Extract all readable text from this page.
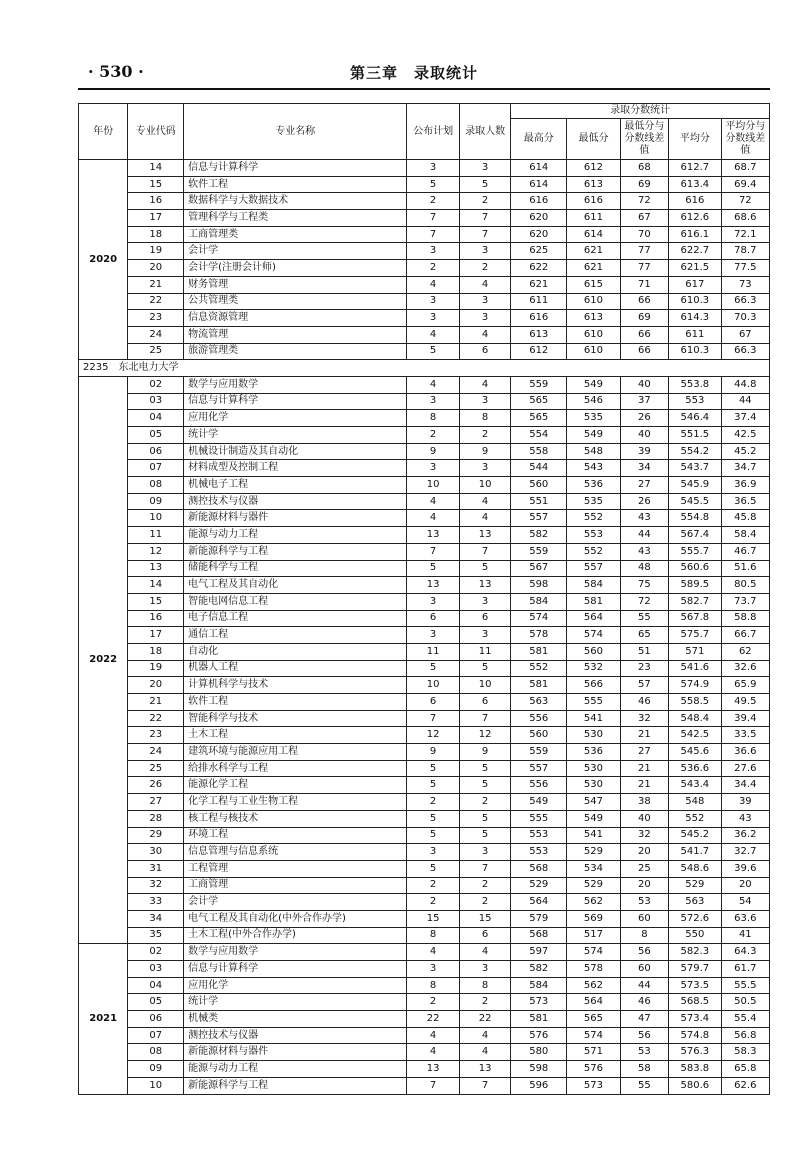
· 530 ·	第三章　录取统计
年份	专业代码	专业名称	公布计划	录取人数	录取分数统计				
					最高分	最低分	最低分与分数线差值	平均分	平均分与分数线差值
2020	14	信息与计算科学	3	3	614	612	68	612.7	68.7
	15	软件工程	5	5	614	613	69	613.4	69.4
	16	数据科学与大数据技术	2	2	616	616	72	616	72
	17	管理科学与工程类	7	7	620	611	67	612.6	68.6
	18	工商管理类	7	7	620	614	70	616.1	72.1
	19	会计学	3	3	625	621	77	622.7	78.7
	20	会计学(注册会计师)	2	2	622	621	77	621.5	77.5
	21	财务管理	4	4	621	615	71	617	73
	22	公共管理类	3	3	611	610	66	610.3	66.3
	23	信息资源管理	3	3	616	613	69	614.3	70.3
	24	物流管理	4	4	613	610	66	611	67
	25	旅游管理类	5	6	612	610	66	610.3	66.3
2235　东北电力大学									
2022	02	数学与应用数学	4	4	559	549	40	553.8	44.8
	03	信息与计算科学	3	3	565	546	37	553	44
	04	应用化学	8	8	565	535	26	546.4	37.4
	05	统计学	2	2	554	549	40	551.5	42.5
	06	机械设计制造及其自动化	9	9	558	548	39	554.2	45.2
	07	材料成型及控制工程	3	3	544	543	34	543.7	34.7
	08	机械电子工程	10	10	560	536	27	545.9	36.9
	09	测控技术与仪器	4	4	551	535	26	545.5	36.5
	10	新能源材料与器件	4	4	557	552	43	554.8	45.8
	11	能源与动力工程	13	13	582	553	44	567.4	58.4
	12	新能源科学与工程	7	7	559	552	43	555.7	46.7
	13	储能科学与工程	5	5	567	557	48	560.6	51.6
	14	电气工程及其自动化	13	13	598	584	75	589.5	80.5
	15	智能电网信息工程	3	3	584	581	72	582.7	73.7
	16	电子信息工程	6	6	574	564	55	567.8	58.8
	17	通信工程	3	3	578	574	65	575.7	66.7
	18	自动化	11	11	581	560	51	571	62
	19	机器人工程	5	5	552	532	23	541.6	32.6
	20	计算机科学与技术	10	10	581	566	57	574.9	65.9
	21	软件工程	6	6	563	555	46	558.5	49.5
	22	智能科学与技术	7	7	556	541	32	548.4	39.4
	23	土木工程	12	12	560	530	21	542.5	33.5
	24	建筑环境与能源应用工程	9	9	559	536	27	545.6	36.6
	25	给排水科学与工程	5	5	557	530	21	536.6	27.6
	26	能源化学工程	5	5	556	530	21	543.4	34.4
	27	化学工程与工业生物工程	2	2	549	547	38	548	39
	28	核工程与核技术	5	5	555	549	40	552	43
	29	环境工程	5	5	553	541	32	545.2	36.2
	30	信息管理与信息系统	3	3	553	529	20	541.7	32.7
	31	工程管理	5	7	568	534	25	548.6	39.6
	32	工商管理	2	2	529	529	20	529	20
	33	会计学	2	2	564	562	53	563	54
	34	电气工程及其自动化(中外合作办学)	15	15	579	569	60	572.6	63.6
	35	土木工程(中外合作办学)	8	6	568	517	8	550	41
2021	02	数学与应用数学	4	4	597	574	56	582.3	64.3
	03	信息与计算科学	3	3	582	578	60	579.7	61.7
	04	应用化学	8	8	584	562	44	573.5	55.5
	05	统计学	2	2	573	564	46	568.5	50.5
	06	机械类	22	22	581	565	47	573.4	55.4
	07	测控技术与仪器	4	4	576	574	56	574.8	56.8
	08	新能源材料与器件	4	4	580	571	53	576.3	58.3
	09	能源与动力工程	13	13	598	576	58	583.8	65.8
	10	新能源科学与工程	7	7	596	573	55	580.6	62.6
